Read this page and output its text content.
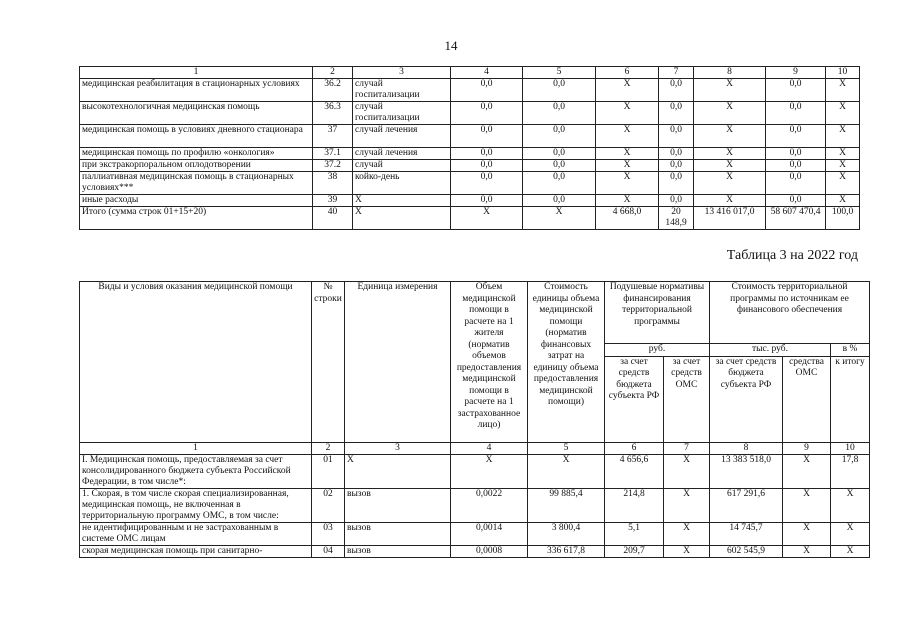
14
1	2	3	4	5	6	7	8	9	10
медицинская реабилитация в стационарных условиях	36.2	случай госпитализации	0,0	0,0	X	0,0	X	0,0	X
высокотехнологичная медицинская помощь	36.3	случай госпитализации	0,0	0,0	X	0,0	X	0,0	X
медицинская помощь в условиях дневного стационара	37	случай лечения	0,0	0,0	X	0,0	X	0,0	X
медицинская помощь по профилю «онкология»	37.1	случай лечения	0,0	0,0	X	0,0	X	0,0	X
при экстракорпоральном оплодотворении	37.2	случай	0,0	0,0	X	0,0	X	0,0	X
паллиативная медицинская помощь в стационарных условиях***	38	койко-день	0,0	0,0	X	0,0	X	0,0	X
иные расходы	39	X	0,0	0,0	X	0,0	X	0,0	X
Итого (сумма строк 01+15+20)	40	X	X	X	4 668,0	20 148,9	13 416 017,0	58 607 470,4	100,0
Таблица 3 на 2022 год
Виды и условия оказания медицинской помощи	№ строки	Единица измерения	Объем медицинской помощи в расчете на 1 жителя (норматив объемов предоставления медицинской помощи в расчете на 1 застрахованное лицо)	Стоимость единицы объема медицинской помощи (норматив финансовых затрат на единицу объема предоставления медицинской помощи)	Подушевые нормативы финансирования территориальной программы		Стоимость территориальной программы по источникам ее финансового обеспечения		
					руб.		тыс. руб.		в %
					за счет средств бюджета субъекта РФ	за счет средств ОМС	за счет средств бюджета субъекта РФ	средства ОМС	к итогу
1	2	3	4	5	6	7	8	9	10
I. Медицинская помощь, предоставляемая за счет консолидированного бюджета субъекта Российской Федерации, в том числе*:	01	X	X	X	4 656,6	X	13 383 518,0	X	17,8
1. Скорая, в том числе скорая специализированная, медицинская помощь, не включенная в территориальную программу ОМС, в том числе:	02	вызов	0,0022	99 885,4	214,8	X	617 291,6	X	X
не идентифицированным и не застрахованным в системе ОМС лицам	03	вызов	0,0014	3 800,4	5,1	X	14 745,7	X	X
скорая медицинская помощь при санитарно-	04	вызов	0,0008	336 617,8	209,7	X	602 545,9	X	X
